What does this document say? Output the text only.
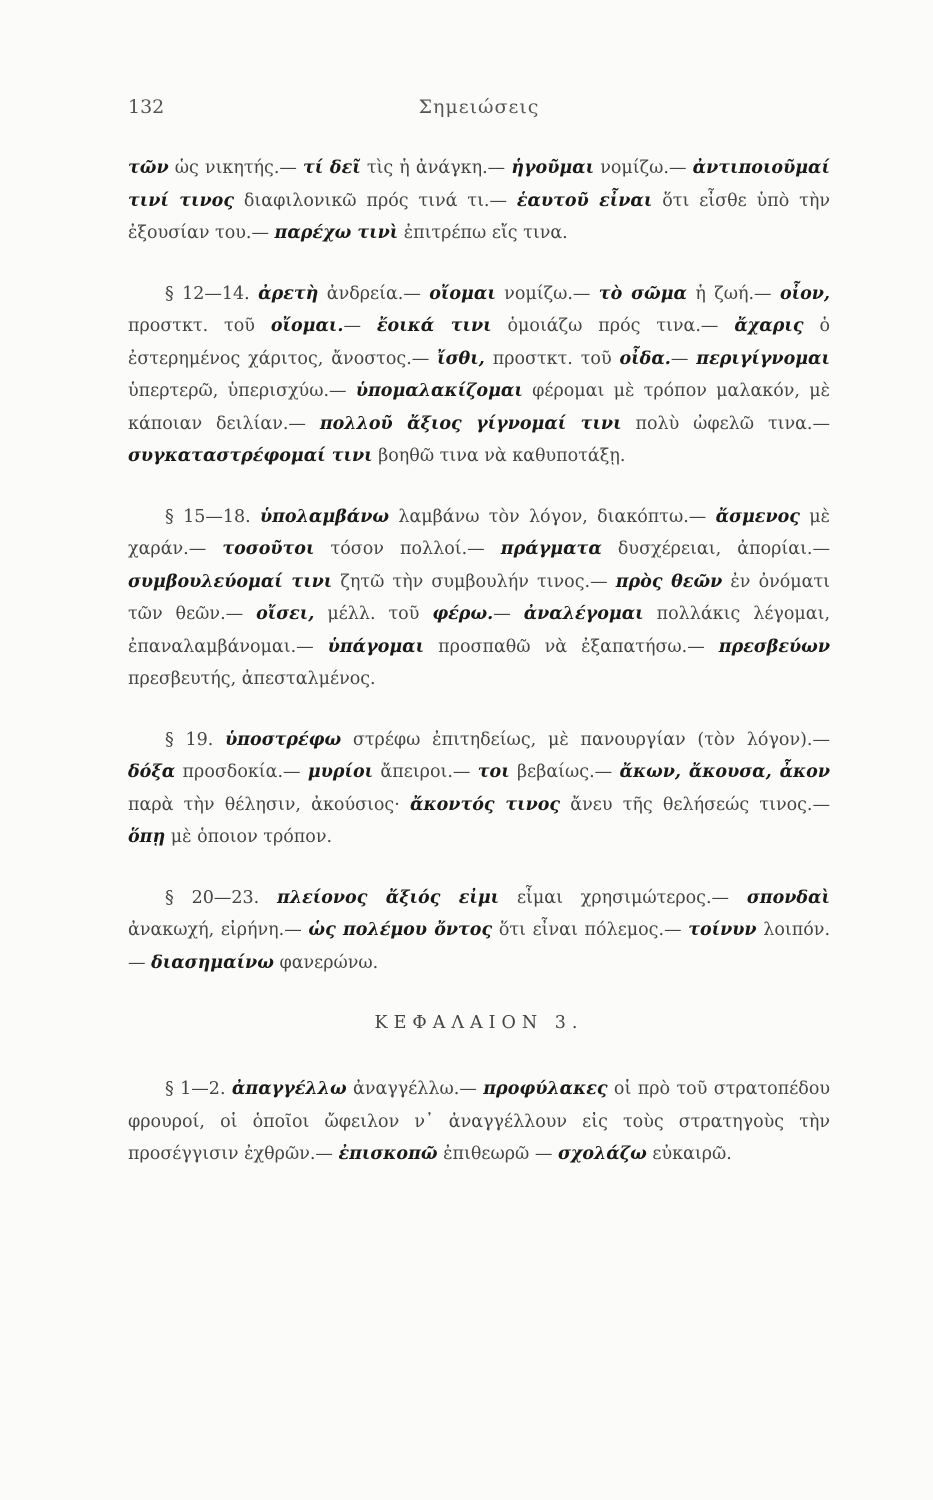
132	Σημειώσεις

τῶν ὡς νικητής.— τί δεῖ τὶς ἡ ἀνάγκη.— ἡγοῦμαι νομίζω.— ἀντιποιοῦμαί τινί τινος διαφιλονικῶ πρός τινά τι.— ἑαυτοῦ εἶναι ὅτι εἶσθε ὑπὸ τὴν ἐξουσίαν του.— παρέχω τινὶ ἐπιτρέπω εἴς τινα.

§ 12—14. ἀρετὴ ἀνδρεία.— οἴομαι νομίζω.— τὸ σῶμα ἡ ζωή.— οἶον, προστκτ. τοῦ οἴομαι.— ἔοικά τινι ὁμοιάζω πρός τινα.— ἄχαρις ὁ ἐστερημένος χάριτος, ἄνοστος.— ἴσθι, προστκτ. τοῦ οἶδα.— περιγίγνομαι ὑπερτερῶ, ὑπερισχύω.— ὑπομαλακίζομαι φέρομαι μὲ τρόπον μαλακόν, μὲ κάποιαν δειλίαν.— πολλοῦ ἄξιος γίγνομαί τινι πολὺ ὠφελῶ τινα.— συγκαταστρέφομαί τινι βοηθῶ τινα νὰ καθυποτάξῃ.

§ 15—18. ὑπολαμβάνω λαμβάνω τὸν λόγον, διακόπτω.— ἄσμενος μὲ χαράν.— τοσοῦτοι τόσον πολλοί.— πράγματα δυσχέρειαι, ἀπορίαι.— συμβουλεύομαί τινι ζητῶ τὴν συμβουλήν τινος.— πρὸς θεῶν ἐν ὀνόματι τῶν θεῶν.— οἴσει, μέλλ. τοῦ φέρω.— ἀναλέγομαι πολλάκις λέγομαι, ἐπαναλαμβάνομαι.— ὑπάγομαι προσπαθῶ νὰ ἐξαπατήσω.— πρεσβεύων πρεσβευτής, ἀπεσταλμένος.

§ 19. ὑποστρέφω στρέφω ἐπιτηδείως, μὲ πανουργίαν (τὸν λόγον).— δόξα προσδοκία.— μυρίοι ἄπειροι.— τοι βεβαίως.— ἄκων, ἄκουσα, ἆκον παρὰ τὴν θέλησιν, ἀκούσιος· ἄκοντός τινος ἄνευ τῆς θελήσεώς τινος.— ὅπῃ μὲ ὁποιον τρόπον.

§ 20—23. πλείονος ἄξιός εἰμι εἶμαι χρησιμώτερος.— σπονδαὶ ἀνακωχή, εἰρήνη.— ὡς πολέμου ὄντος ὅτι εἶναι πόλεμος.— τοίνυν λοιπόν.— διασημαίνω φανερώνω.

ΚΕΦΑΛΑΙΟΝ 3.

§ 1—2. ἀπαγγέλλω ἀναγγέλλω.— προφύλακες οἱ πρὸ τοῦ στρατοπέδου φρουροί, οἱ ὁποῖοι ὤφειλον ν᾿ ἀναγγέλλουν εἰς τοὺς στρατηγοὺς τὴν προσέγγισιν ἐχθρῶν.— ἐπισκοπῶ ἐπιθεωρῶ — σχολάζω εὐκαιρῶ.
